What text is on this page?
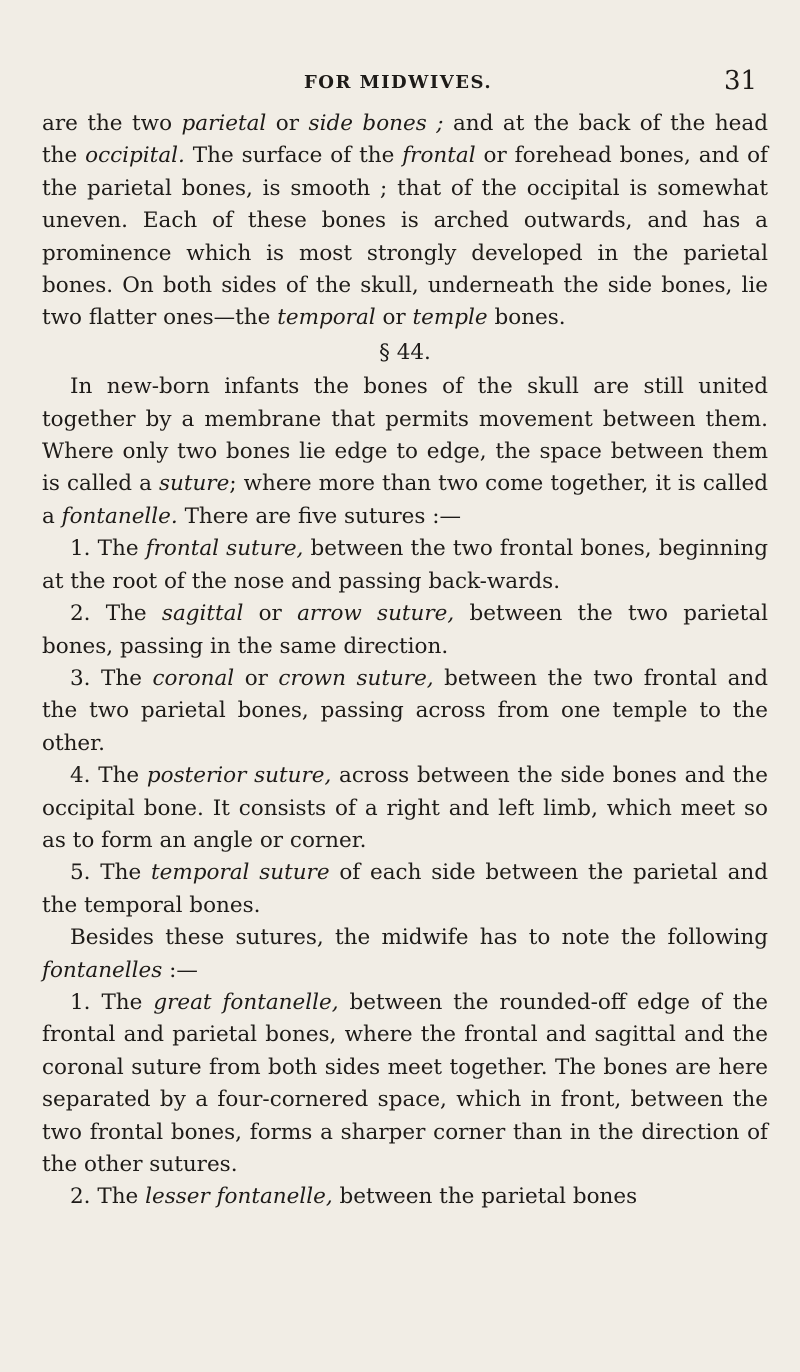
FOR MIDWIVES.	31

are the two parietal or side bones ; and at the back of the head the occipital. The surface of the frontal or forehead bones, and of the parietal bones, is smooth ; that of the occipital is somewhat uneven. Each of these bones is arched outwards, and has a prominence which is most strongly developed in the parietal bones. On both sides of the skull, underneath the side bones, lie two flatter ones—the temporal or temple bones.

§ 44.

In new-born infants the bones of the skull are still united together by a membrane that permits movement between them. Where only two bones lie edge to edge, the space between them is called a suture; where more than two come together, it is called a fontanelle. There are five sutures :—

1. The frontal suture, between the two frontal bones, beginning at the root of the nose and passing back-wards.

2. The sagittal or arrow suture, between the two parietal bones, passing in the same direction.

3. The coronal or crown suture, between the two frontal and the two parietal bones, passing across from one temple to the other.

4. The posterior suture, across between the side bones and the occipital bone. It consists of a right and left limb, which meet so as to form an angle or corner.

5. The temporal suture of each side between the parietal and the temporal bones.

Besides these sutures, the midwife has to note the following fontanelles :—

1. The great fontanelle, between the rounded-off edge of the frontal and parietal bones, where the frontal and sagittal and the coronal suture from both sides meet together. The bones are here separated by a four-cornered space, which in front, between the two frontal bones, forms a sharper corner than in the direction of the other sutures.

2. The lesser fontanelle, between the parietal bones
